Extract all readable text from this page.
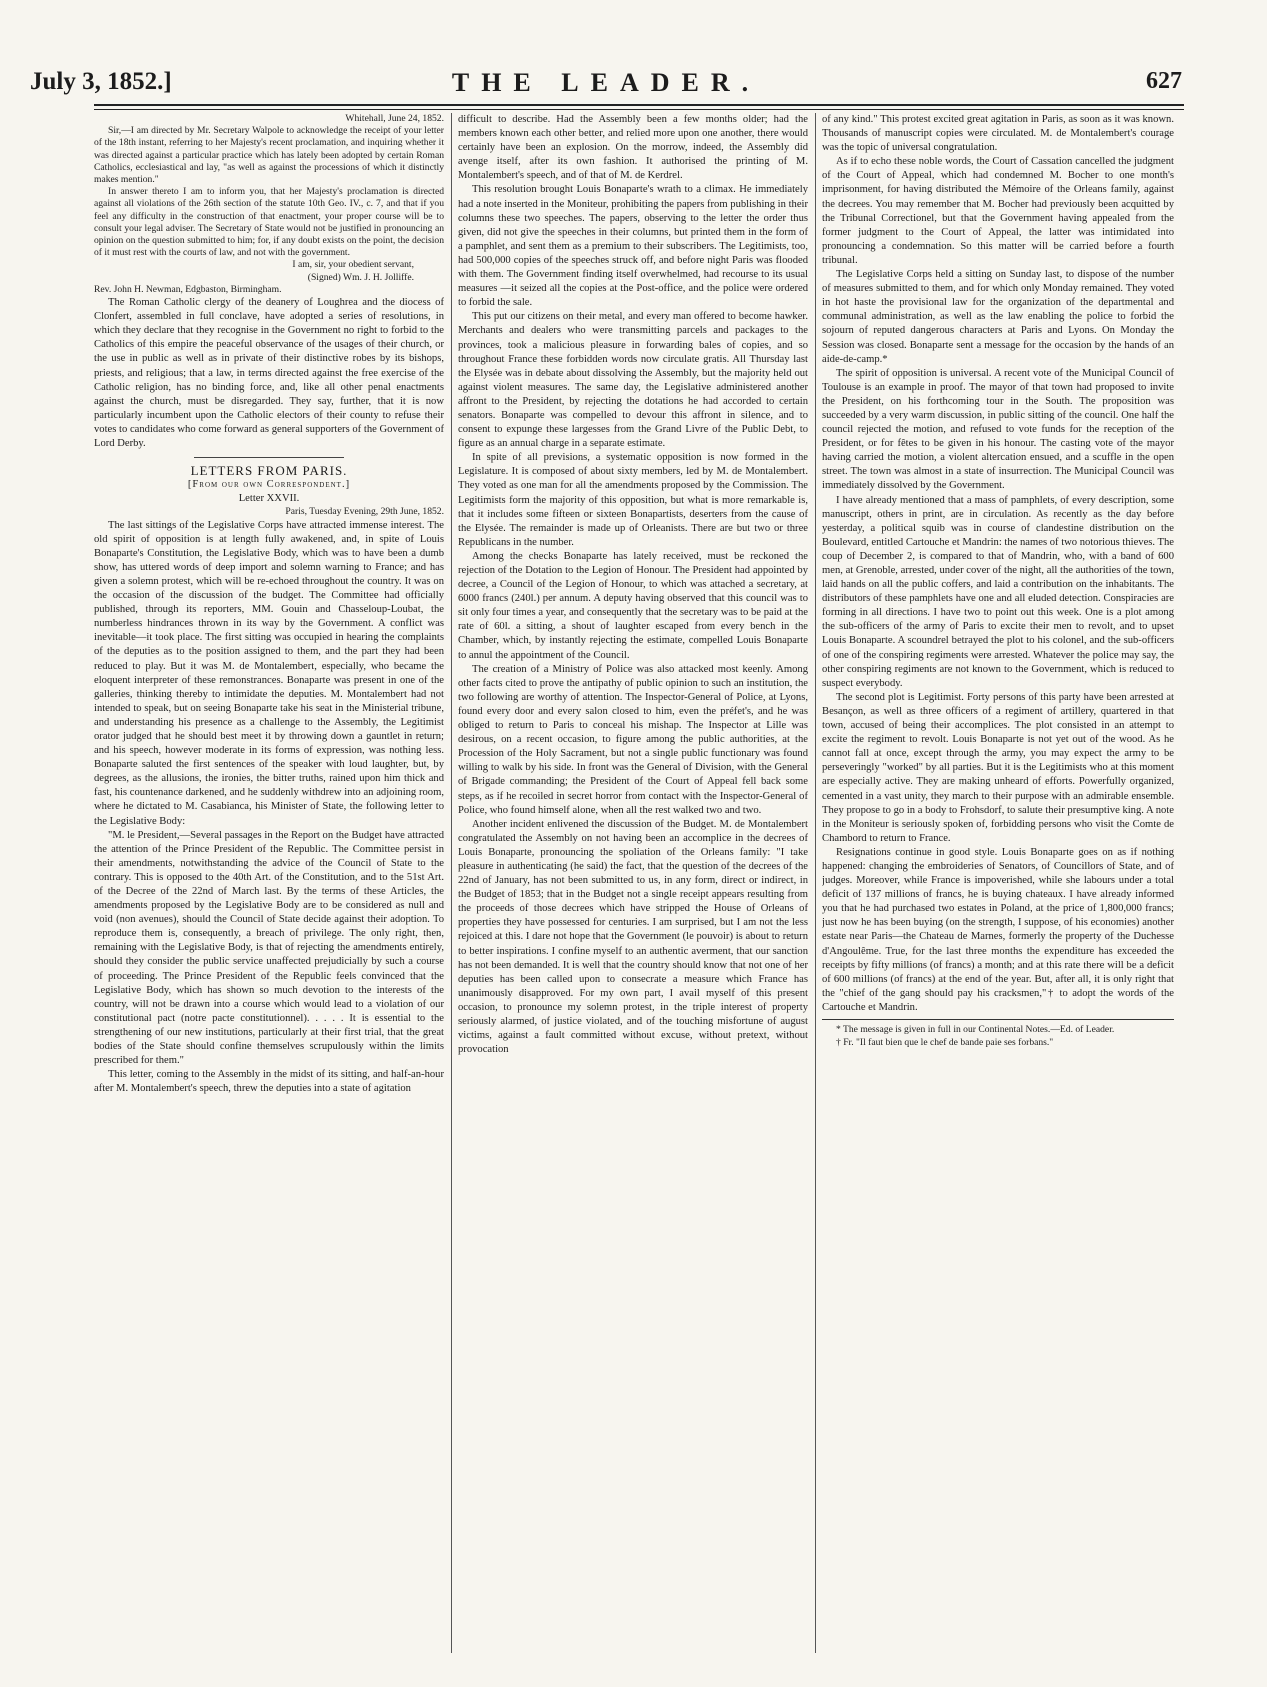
July 3, 1852.]	THE LEADER.	627

Whitehall, June 24, 1852.

Sir,—I am directed by Mr. Secretary Walpole to acknowledge the receipt of your letter of the 18th instant, referring to her Majesty's recent proclamation, and inquiring whether it was directed against a particular practice which has lately been adopted by certain Roman Catholics, ecclesiastical and lay, "as well as against the processions of which it distinctly makes mention."

In answer thereto I am to inform you, that her Majesty's proclamation is directed against all violations of the 26th section of the statute 10th Geo. IV., c. 7, and that if you feel any difficulty in the construction of that enactment, your proper course will be to consult your legal adviser. The Secretary of State would not be justified in pronouncing an opinion on the question submitted to him; for, if any doubt exists on the point, the decision of it must rest with the courts of law, and not with the government.

I am, sir, your obedient servant,

(Signed) Wm. J. H. Jolliffe.

Rev. John H. Newman, Edgbaston, Birmingham.

The Roman Catholic clergy of the deanery of Loughrea and the diocess of Clonfert, assembled in full conclave, have adopted a series of resolutions, in which they declare that they recognise in the Government no right to forbid to the Catholics of this empire the peaceful observance of the usages of their church, or the use in public as well as in private of their distinctive robes by its bishops, priests, and religious; that a law, in terms directed against the free exercise of the Catholic religion, has no binding force, and, like all other penal enactments against the church, must be disregarded. They say, further, that it is now particularly incumbent upon the Catholic electors of their county to refuse their votes to candidates who come forward as general supporters of the Government of Lord Derby.

LETTERS FROM PARIS.

[From our own Correspondent.]

Letter XXVII.

Paris, Tuesday Evening, 29th June, 1852.

The last sittings of the Legislative Corps have attracted immense interest. The old spirit of opposition is at length fully awakened, and, in spite of Louis Bonaparte's Constitution, the Legislative Body, which was to have been a dumb show, has uttered words of deep import and solemn warning to France; and has given a solemn protest, which will be re-echoed throughout the country. It was on the occasion of the discussion of the budget. The Committee had officially published, through its reporters, MM. Gouin and Chasseloup-Loubat, the numberless hindrances thrown in its way by the Government. A conflict was inevitable—it took place. The first sitting was occupied in hearing the complaints of the deputies as to the position assigned to them, and the part they had been reduced to play. But it was M. de Montalembert, especially, who became the eloquent interpreter of these remonstrances. Bonaparte was present in one of the galleries, thinking thereby to intimidate the deputies. M. Montalembert had not intended to speak, but on seeing Bonaparte take his seat in the Ministerial tribune, and understanding his presence as a challenge to the Assembly, the Legitimist orator judged that he should best meet it by throwing down a gauntlet in return; and his speech, however moderate in its forms of expression, was nothing less. Bonaparte saluted the first sentences of the speaker with loud laughter, but, by degrees, as the allusions, the ironies, the bitter truths, rained upon him thick and fast, his countenance darkened, and he suddenly withdrew into an adjoining room, where he dictated to M. Casabianca, his Minister of State, the following letter to the Legislative Body:

"M. le President,—Several passages in the Report on the Budget have attracted the attention of the Prince President of the Republic. The Committee persist in their amendments, notwithstanding the advice of the Council of State to the contrary. This is opposed to the 40th Art. of the Constitution, and to the 51st Art. of the Decree of the 22nd of March last. By the terms of these Articles, the amendments proposed by the Legislative Body are to be considered as null and void (non avenues), should the Council of State decide against their adoption. To reproduce them is, consequently, a breach of privilege. The only right, then, remaining with the Legislative Body, is that of rejecting the amendments entirely, should they consider the public service unaffected prejudicially by such a course of proceeding. The Prince President of the Republic feels convinced that the Legislative Body, which has shown so much devotion to the interests of the country, will not be drawn into a course which would lead to a violation of our constitutional pact (notre pacte constitutionnel). . . . . It is essential to the strengthening of our new institutions, particularly at their first trial, that the great bodies of the State should confine themselves scrupulously within the limits prescribed for them."

This letter, coming to the Assembly in the midst of its sitting, and half-an-hour after M. Montalembert's speech, threw the deputies into a state of agitation

difficult to describe. Had the Assembly been a few months older; had the members known each other better, and relied more upon one another, there would certainly have been an explosion. On the morrow, indeed, the Assembly did avenge itself, after its own fashion. It authorised the printing of M. Montalembert's speech, and of that of M. de Kerdrel.

This resolution brought Louis Bonaparte's wrath to a climax. He immediately had a note inserted in the Moniteur, prohibiting the papers from publishing in their columns these two speeches. The papers, observing to the letter the order thus given, did not give the speeches in their columns, but printed them in the form of a pamphlet, and sent them as a premium to their subscribers. The Legitimists, too, had 500,000 copies of the speeches struck off, and before night Paris was flooded with them. The Government finding itself overwhelmed, had recourse to its usual measures —it seized all the copies at the Post-office, and the police were ordered to forbid the sale.

This put our citizens on their metal, and every man offered to become hawker. Merchants and dealers who were transmitting parcels and packages to the provinces, took a malicious pleasure in forwarding bales of copies, and so throughout France these forbidden words now circulate gratis. All Thursday last the Elysée was in debate about dissolving the Assembly, but the majority held out against violent measures. The same day, the Legislative administered another affront to the President, by rejecting the dotations he had accorded to certain senators. Bonaparte was compelled to devour this affront in silence, and to consent to expunge these largesses from the Grand Livre of the Public Debt, to figure as an annual charge in a separate estimate.

In spite of all previsions, a systematic opposition is now formed in the Legislature. It is composed of about sixty members, led by M. de Montalembert. They voted as one man for all the amendments proposed by the Commission. The Legitimists form the majority of this opposition, but what is more remarkable is, that it includes some fifteen or sixteen Bonapartists, deserters from the cause of the Elysée. The remainder is made up of Orleanists. There are but two or three Republicans in the number.

Among the checks Bonaparte has lately received, must be reckoned the rejection of the Dotation to the Legion of Honour. The President had appointed by decree, a Council of the Legion of Honour, to which was attached a secretary, at 6000 francs (240l.) per annum. A deputy having observed that this council was to sit only four times a year, and consequently that the secretary was to be paid at the rate of 60l. a sitting, a shout of laughter escaped from every bench in the Chamber, which, by instantly rejecting the estimate, compelled Louis Bonaparte to annul the appointment of the Council.

The creation of a Ministry of Police was also attacked most keenly. Among other facts cited to prove the antipathy of public opinion to such an institution, the two following are worthy of attention. The Inspector-General of Police, at Lyons, found every door and every salon closed to him, even the préfet's, and he was obliged to return to Paris to conceal his mishap. The Inspector at Lille was desirous, on a recent occasion, to figure among the public authorities, at the Procession of the Holy Sacrament, but not a single public functionary was found willing to walk by his side. In front was the General of Division, with the General of Brigade commanding; the President of the Court of Appeal fell back some steps, as if he recoiled in secret horror from contact with the Inspector-General of Police, who found himself alone, when all the rest walked two and two.

Another incident enlivened the discussion of the Budget. M. de Montalembert congratulated the Assembly on not having been an accomplice in the decrees of Louis Bonaparte, pronouncing the spoliation of the Orleans family: "I take pleasure in authenticating (he said) the fact, that the question of the decrees of the 22nd of January, has not been submitted to us, in any form, direct or indirect, in the Budget of 1853; that in the Budget not a single receipt appears resulting from the proceeds of those decrees which have stripped the House of Orleans of properties they have possessed for centuries. I am surprised, but I am not the less rejoiced at this. I dare not hope that the Government (le pouvoir) is about to return to better inspirations. I confine myself to an authentic averment, that our sanction has not been demanded. It is well that the country should know that not one of her deputies has been called upon to consecrate a measure which France has unanimously disapproved. For my own part, I avail myself of this present occasion, to pronounce my solemn protest, in the triple interest of property seriously alarmed, of justice violated, and of the touching misfortune of august victims, against a fault committed without excuse, without pretext, without provocation

of any kind." This protest excited great agitation in Paris, as soon as it was known. Thousands of manuscript copies were circulated. M. de Montalembert's courage was the topic of universal congratulation.

As if to echo these noble words, the Court of Cassation cancelled the judgment of the Court of Appeal, which had condemned M. Bocher to one month's imprisonment, for having distributed the Mémoire of the Orleans family, against the decrees. You may remember that M. Bocher had previously been acquitted by the Tribunal Correctionel, but that the Government having appealed from the former judgment to the Court of Appeal, the latter was intimidated into pronouncing a condemnation. So this matter will be carried before a fourth tribunal.

The Legislative Corps held a sitting on Sunday last, to dispose of the number of measures submitted to them, and for which only Monday remained. They voted in hot haste the provisional law for the organization of the departmental and communal administration, as well as the law enabling the police to forbid the sojourn of reputed dangerous characters at Paris and Lyons. On Monday the Session was closed. Bonaparte sent a message for the occasion by the hands of an aide-de-camp.*

The spirit of opposition is universal. A recent vote of the Municipal Council of Toulouse is an example in proof. The mayor of that town had proposed to invite the President, on his forthcoming tour in the South. The proposition was succeeded by a very warm discussion, in public sitting of the council. One half the council rejected the motion, and refused to vote funds for the reception of the President, or for fêtes to be given in his honour. The casting vote of the mayor having carried the motion, a violent altercation ensued, and a scuffle in the open street. The town was almost in a state of insurrection. The Municipal Council was immediately dissolved by the Government.

I have already mentioned that a mass of pamphlets, of every description, some manuscript, others in print, are in circulation. As recently as the day before yesterday, a political squib was in course of clandestine distribution on the Boulevard, entitled Cartouche et Mandrin: the names of two notorious thieves. The coup of December 2, is compared to that of Mandrin, who, with a band of 600 men, at Grenoble, arrested, under cover of the night, all the authorities of the town, laid hands on all the public coffers, and laid a contribution on the inhabitants. The distributors of these pamphlets have one and all eluded detection. Conspiracies are forming in all directions. I have two to point out this week. One is a plot among the sub-officers of the army of Paris to excite their men to revolt, and to upset Louis Bonaparte. A scoundrel betrayed the plot to his colonel, and the sub-officers of one of the conspiring regiments were arrested. Whatever the police may say, the other conspiring regiments are not known to the Government, which is reduced to suspect everybody.

The second plot is Legitimist. Forty persons of this party have been arrested at Besançon, as well as three officers of a regiment of artillery, quartered in that town, accused of being their accomplices. The plot consisted in an attempt to excite the regiment to revolt. Louis Bonaparte is not yet out of the wood. As he cannot fall at once, except through the army, you may expect the army to be perseveringly "worked" by all parties. But it is the Legitimists who at this moment are especially active. They are making unheard of efforts. Powerfully organized, cemented in a vast unity, they march to their purpose with an admirable ensemble. They propose to go in a body to Frohsdorf, to salute their presumptive king. A note in the Moniteur is seriously spoken of, forbidding persons who visit the Comte de Chambord to return to France.

Resignations continue in good style. Louis Bonaparte goes on as if nothing happened: changing the embroideries of Senators, of Councillors of State, and of judges. Moreover, while France is impoverished, while she labours under a total deficit of 137 millions of francs, he is buying chateaux. I have already informed you that he had purchased two estates in Poland, at the price of 1,800,000 francs; just now he has been buying (on the strength, I suppose, of his economies) another estate near Paris—the Chateau de Marnes, formerly the property of the Duchesse d'Angoulême. True, for the last three months the expenditure has exceeded the receipts by fifty millions (of francs) a month; and at this rate there will be a deficit of 600 millions (of francs) at the end of the year. But, after all, it is only right that the "chief of the gang should pay his cracksmen,"† to adopt the words of the Cartouche et Mandrin.

* The message is given in full in our Continental Notes.—Ed. of Leader.

† Fr. "Il faut bien que le chef de bande paie ses forbans."
